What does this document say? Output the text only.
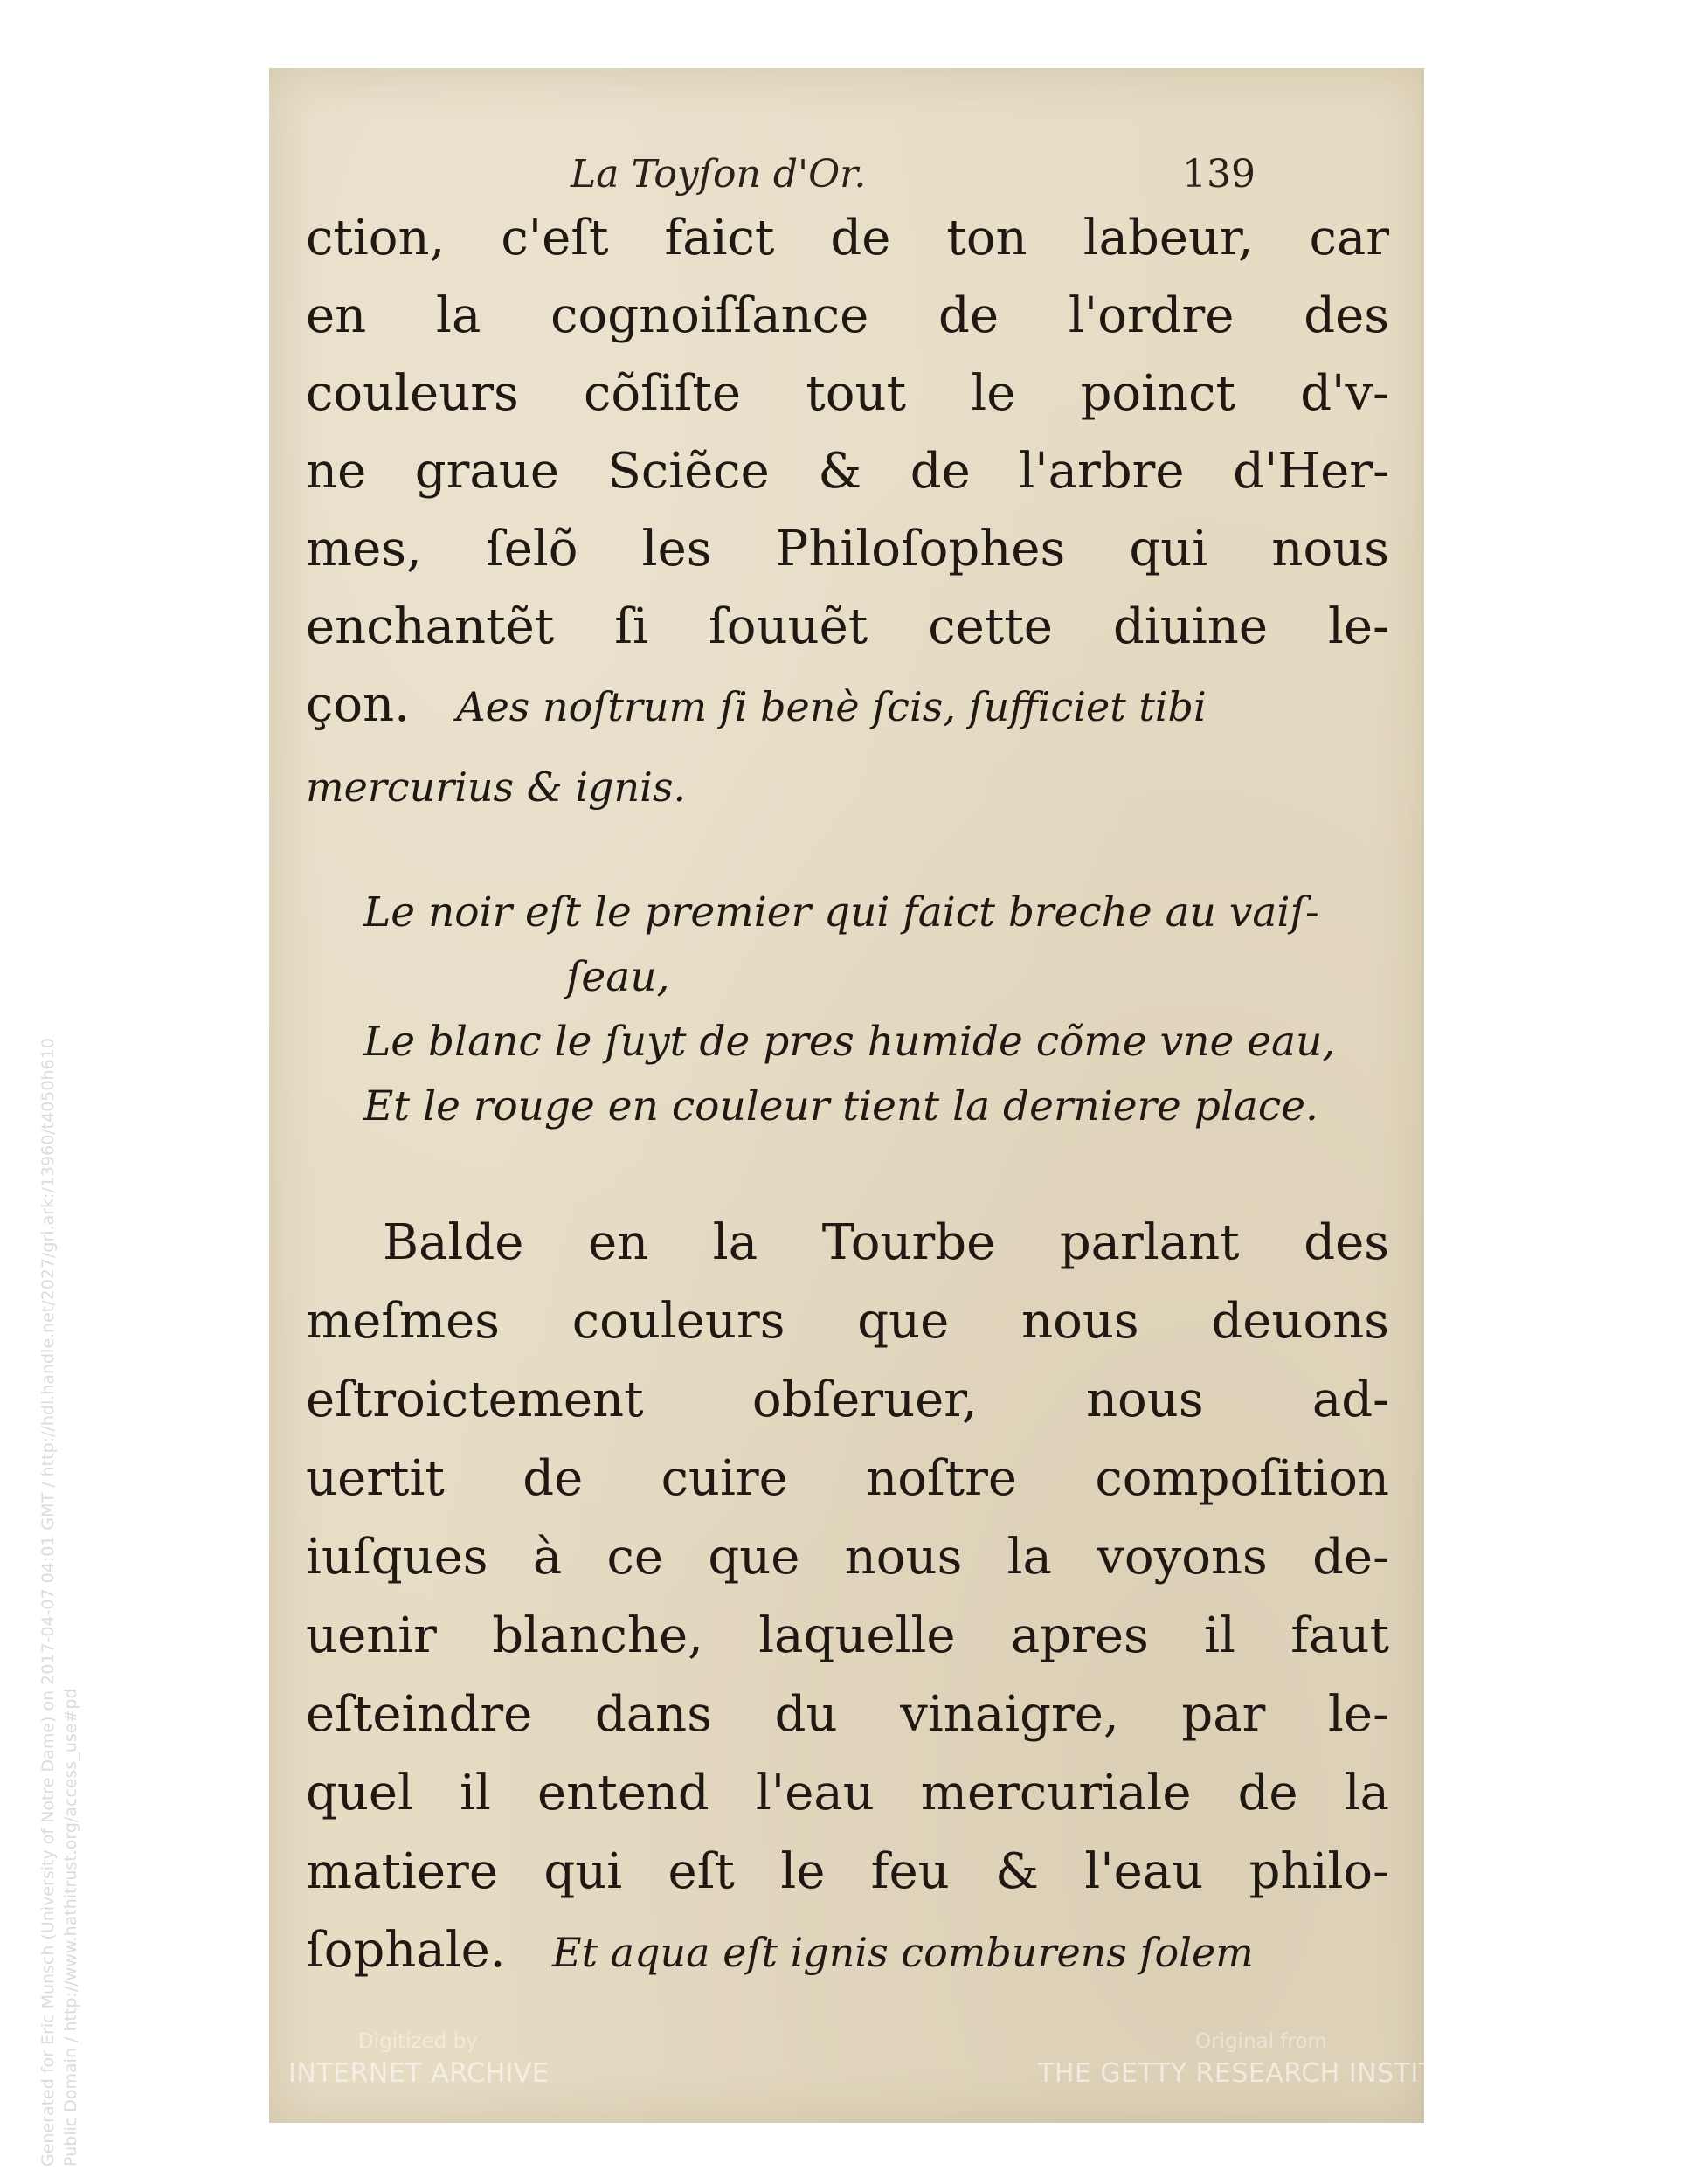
La Toyſon d'Or.	139
ction, c'eſt faict de ton labeur, car
en la cognoiſſance de l'ordre des
couleurs cõſiſte tout le poinct d'v-
ne graue Sciẽce & de l'arbre d'Her-
mes, ſelõ les Philoſophes qui nous
enchantẽt ſi ſouuẽt cette diuine le-
çon. Aes noſtrum ſi benè ſcis, ſufficiet tibi
mercurius & ignis.
Le noir eſt le premier qui faict breche au vaiſ-
ſeau,
Le blanc le ſuyt de pres humide cõme vne eau,
Et le rouge en couleur tient la derniere place.
Balde en la Tourbe parlant des
meſmes couleurs que nous deuons
eſtroictement obſeruer, nous ad-
uertit de cuire noſtre compoſition
iuſques à ce que nous la voyons de-
uenir blanche, laquelle apres il faut
eſteindre dans du vinaigre, par le-
quel il entend l'eau mercuriale de la
matiere qui eſt le feu & l'eau philo-
ſophale. Et aqua eſt ignis comburens ſolem
Generated for Eric Munsch (University of Notre Dame) on 2017-04-07 04:01 GMT / http://hdl.handle.net/2027/gri.ark:/13960/t4050h610 Public Domain / http://www.hathitrust.org/access_use#pd	Digitized by
INTERNET ARCHIVE
Original from
THE GETTY RESEARCH INSTITUTE
